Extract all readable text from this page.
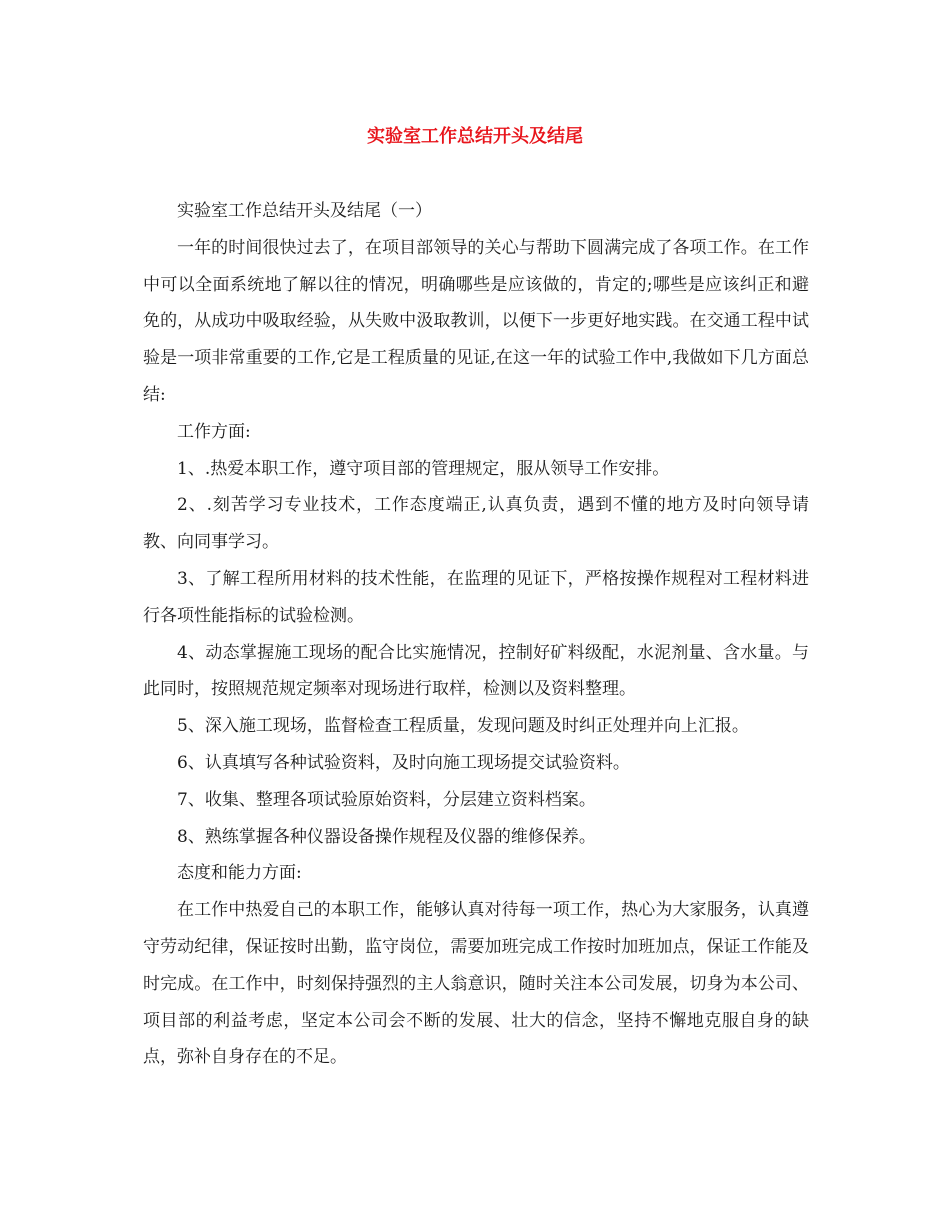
实验室工作总结开头及结尾

实验室工作总结开头及结尾（一）

一年的时间很快过去了，在项目部领导的关心与帮助下圆满完成了各项工作。在工作中可以全面系统地了解以往的情况，明确哪些是应该做的，肯定的;哪些是应该纠正和避免的，从成功中吸取经验，从失败中汲取教训，以便下一步更好地实践。在交通工程中试验是一项非常重要的工作,它是工程质量的见证,在这一年的试验工作中,我做如下几方面总结:

工作方面:

1、.热爱本职工作，遵守项目部的管理规定，服从领导工作安排。

2、.刻苦学习专业技术，工作态度端正,认真负责，遇到不懂的地方及时向领导请教、向同事学习。

3、了解工程所用材料的技术性能，在监理的见证下，严格按操作规程对工程材料进行各项性能指标的试验检测。

4、动态掌握施工现场的配合比实施情况，控制好矿料级配，水泥剂量、含水量。与此同时，按照规范规定频率对现场进行取样，检测以及资料整理。

5、深入施工现场，监督检查工程质量，发现问题及时纠正处理并向上汇报。

6、认真填写各种试验资料，及时向施工现场提交试验资料。

7、收集、整理各项试验原始资料，分层建立资料档案。

8、熟练掌握各种仪器设备操作规程及仪器的维修保养。

态度和能力方面:

在工作中热爱自己的本职工作，能够认真对待每一项工作，热心为大家服务，认真遵守劳动纪律，保证按时出勤，监守岗位，需要加班完成工作按时加班加点，保证工作能及时完成。在工作中，时刻保持强烈的主人翁意识，随时关注本公司发展，切身为本公司、项目部的利益考虑，坚定本公司会不断的发展、壮大的信念，坚持不懈地克服自身的缺点，弥补自身存在的不足。
